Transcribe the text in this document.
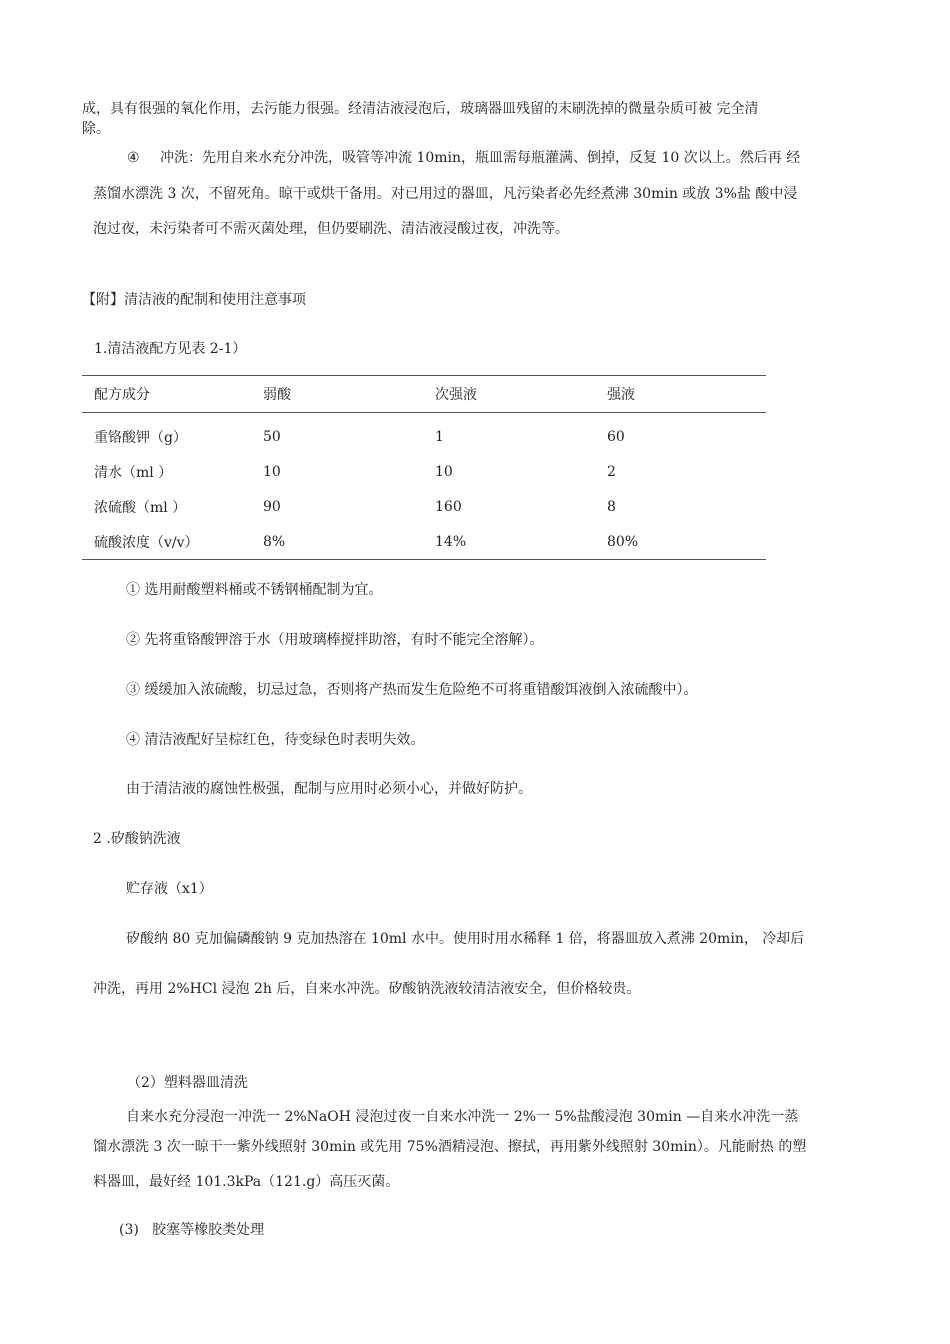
成，具有很强的氧化作用，去污能力很强。经清洁液浸泡后，玻璃器皿残留的末刷洗掉的微量杂质可被 完全清
除。
④ 冲洗：先用自来水充分冲洗，吸管等冲流 10min，瓶皿需每瓶灌满、倒掉，反复 10 次以上。然后再 经
蒸馏水漂洗 3 次，不留死角。晾干或烘干备用。对已用过的器皿，凡污染者必先经煮沸 30min 或放 3%盐 酸中浸
泡过夜，未污染者可不需灭菌处理，但仍要刷洗、清洁液浸酸过夜，冲洗等。
【附】清洁液的配制和使用注意事项
1.清洁液配方见表 2-1）
配方成分	弱酸	次强液	强液
重铬酸钾（g）	50	1	60
清水（ml ）	10	10	2
浓硫酸（ml ）	90	160	8
硫酸浓度（v/v）	8%	14%	80%
① 选用耐酸塑料桶或不锈钢桶配制为宜。
② 先将重铬酸钾溶于水（用玻璃棒搅拌助溶，有时不能完全溶解）。
③ 缓缓加入浓硫酸，切忌过急，否则将产热而发生危险绝不可将重错酸饵液倒入浓硫酸中）。
④ 清洁液配好呈棕红色，待变绿色时表明失效。
由于清洁液的腐蚀性极强，配制与应用时必须小心，并做好防护。
2 .矽酸钠洗液
贮存液（x1）
矽酸纳 80 克加偏磷酸钠 9 克加热溶在 10ml 水中。使用时用水稀释 1 倍，将器皿放入煮沸 20min， 冷却后
冲洗，再用 2%HCl 浸泡 2h 后，自来水冲洗。矽酸钠洗液较清洁液安全，但价格较贵。
（2）塑料器皿清洗
自来水充分浸泡一冲洗一 2%NaOH 浸泡过夜一自来水冲洗一 2%一 5%盐酸浸泡 30min —自来水冲洗一蒸
馏水漂洗 3 次一晾干一紫外线照射 30min 或先用 75%酒精浸泡、擦拭，再用紫外线照射 30min）。凡能耐热 的塑
料器皿，最好经 101.3kPa（121.g）高压灭菌。
(3)   胶塞等橡胶类处理
